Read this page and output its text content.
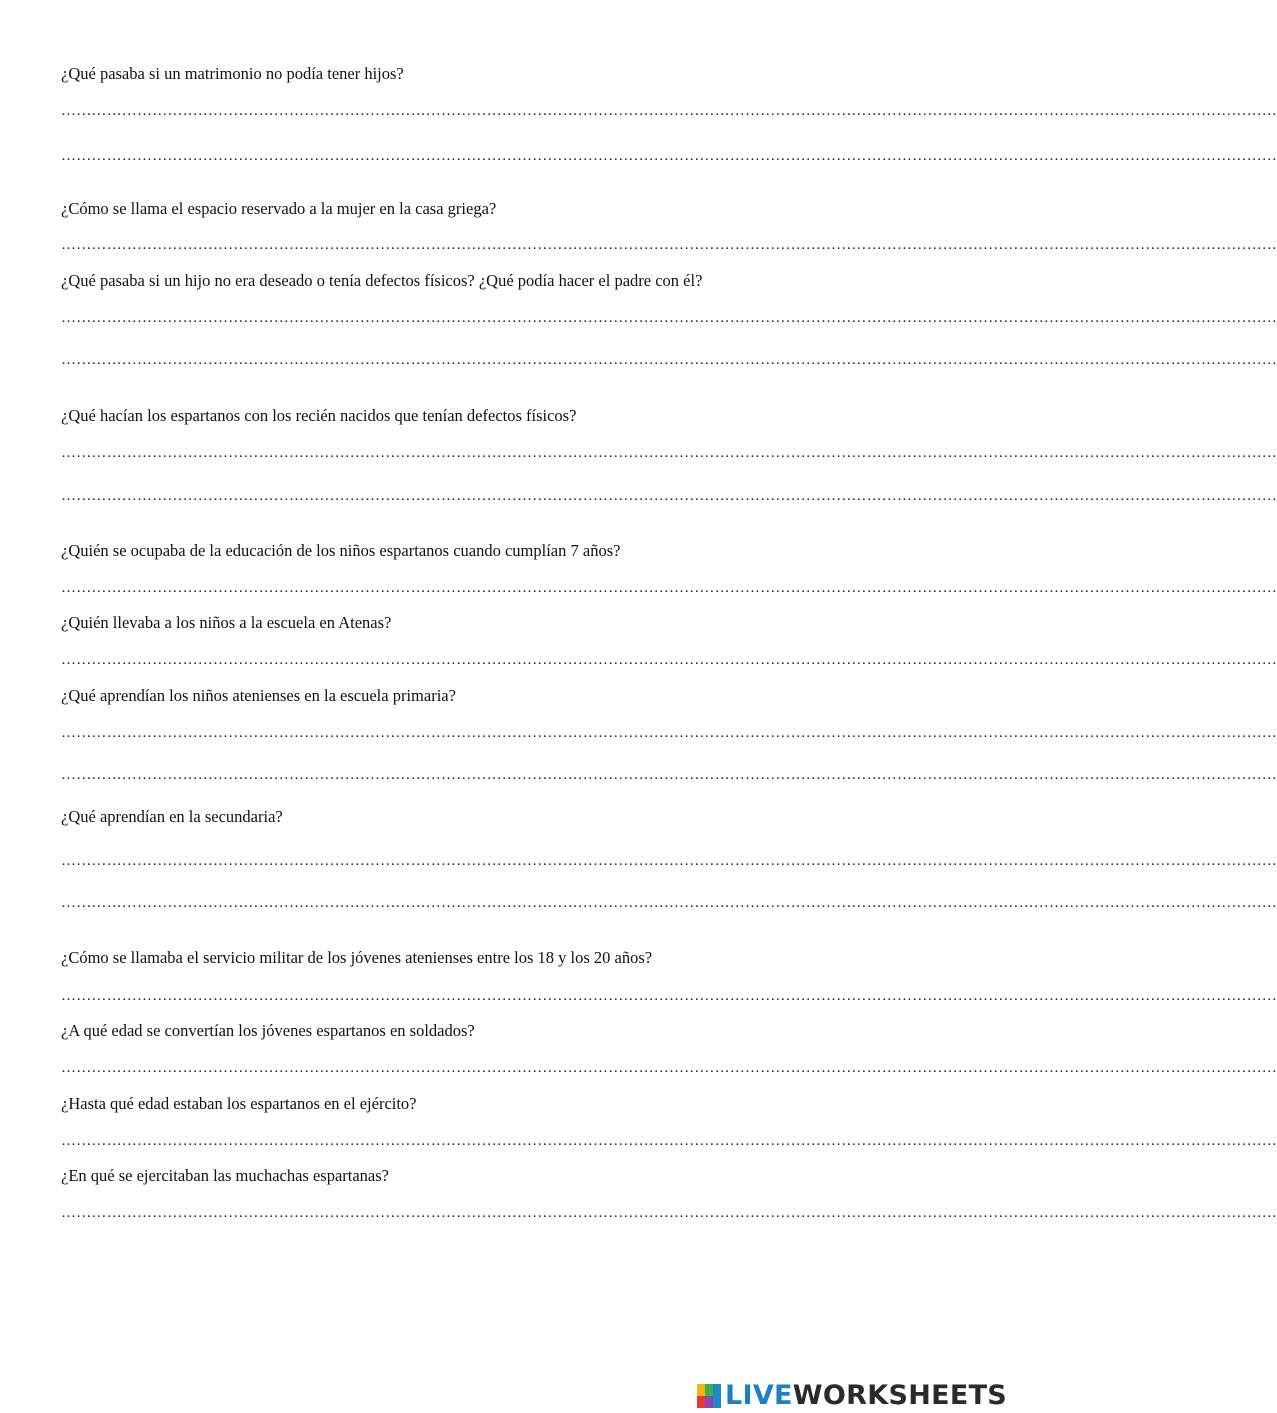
¿Qué pasaba si un matrimonio no podía tener hijos?
……………………………………………………………………………………………………………………………………………………………………………………………………………………
……………………………………………………………………………………………………………………………………………………………………………………………………………………
¿Cómo se llama el espacio reservado a la mujer en la casa griega?
……………………………………………………………………………………………………………………………………………………………………………………………………………………
¿Qué pasaba si un hijo no era deseado o tenía defectos físicos? ¿Qué podía hacer el padre con él?
……………………………………………………………………………………………………………………………………………………………………………………………………………………
……………………………………………………………………………………………………………………………………………………………………………………………………………………
¿Qué hacían los espartanos con los recién nacidos que tenían defectos físicos?
……………………………………………………………………………………………………………………………………………………………………………………………………………………
……………………………………………………………………………………………………………………………………………………………………………………………………………………
¿Quién se ocupaba de la educación de los niños espartanos cuando cumplían 7 años?
……………………………………………………………………………………………………………………………………………………………………………………………………………………
¿Quién llevaba a los niños a la escuela en Atenas?
……………………………………………………………………………………………………………………………………………………………………………………………………………………
¿Qué aprendían los niños atenienses en la escuela primaria?
……………………………………………………………………………………………………………………………………………………………………………………………………………………
……………………………………………………………………………………………………………………………………………………………………………………………………………………
¿Qué aprendían en la secundaria?
……………………………………………………………………………………………………………………………………………………………………………………………………………………
……………………………………………………………………………………………………………………………………………………………………………………………………………………
¿Cómo se llamaba el servicio militar de los jóvenes atenienses entre los 18 y los 20 años?
……………………………………………………………………………………………………………………………………………………………………………………………………………………
¿A qué edad se convertían los jóvenes espartanos en soldados?
……………………………………………………………………………………………………………………………………………………………………………………………………………………
¿Hasta qué edad estaban los espartanos en el ejército?
……………………………………………………………………………………………………………………………………………………………………………………………………………………
¿En qué se ejercitaban las muchachas espartanas?
……………………………………………………………………………………………………………………………………………………………………………………………………………………
LIVEWORKSHEETS
